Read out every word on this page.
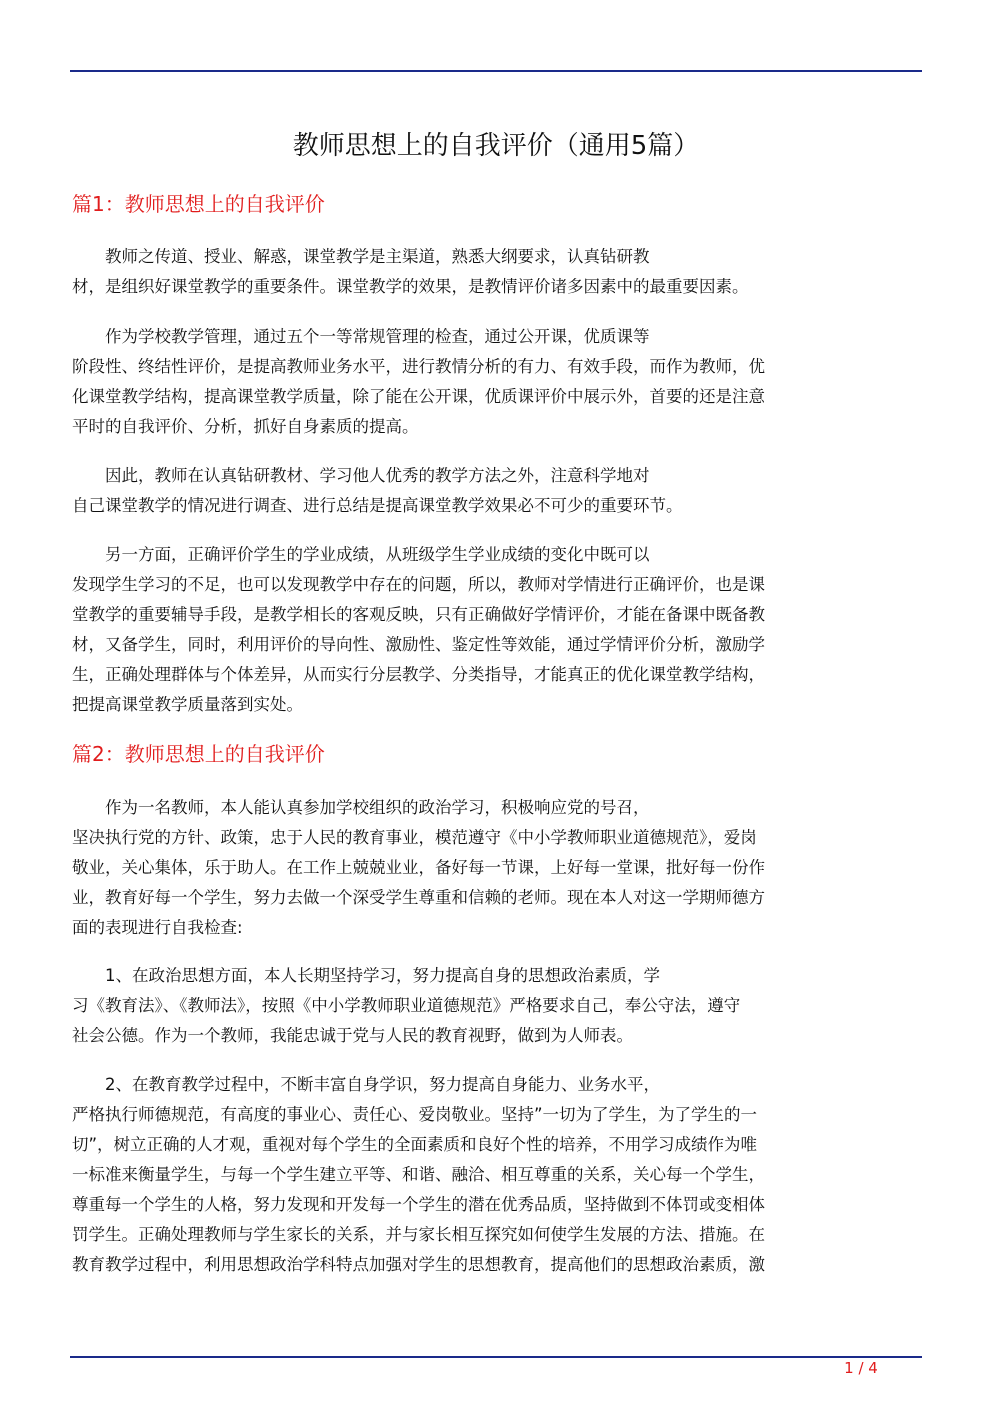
教师思想上的自我评价（通用5篇）
篇1：教师思想上的自我评价

　　教师之传道、授业、解惑，课堂教学是主渠道，熟悉大纲要求，认真钻研教
材，是组织好课堂教学的重要条件。课堂教学的效果，是教情评价诸多因素中的最重要因素。

　　作为学校教学管理，通过五个一等常规管理的检查，通过公开课，优质课等
阶段性、终结性评价，是提高教师业务水平，进行教情分析的有力、有效手段，而作为教师，优
化课堂教学结构，提高课堂教学质量，除了能在公开课，优质课评价中展示外，首要的还是注意
平时的自我评价、分析，抓好自身素质的提高。

　　因此，教师在认真钻研教材、学习他人优秀的教学方法之外，注意科学地对
自己课堂教学的情况进行调查、进行总结是提高课堂教学效果必不可少的重要环节。

　　另一方面，正确评价学生的学业成绩，从班级学生学业成绩的变化中既可以
发现学生学习的不足，也可以发现教学中存在的问题，所以，教师对学情进行正确评价，也是课
堂教学的重要辅导手段，是教学相长的客观反映，只有正确做好学情评价，才能在备课中既备教
材，又备学生，同时，利用评价的导向性、激励性、鉴定性等效能，通过学情评价分析，激励学
生，正确处理群体与个体差异，从而实行分层教学、分类指导，才能真正的优化课堂教学结构，
把提高课堂教学质量落到实处。

篇2：教师思想上的自我评价

　　作为一名教师，本人能认真参加学校组织的政治学习，积极响应党的号召，
坚决执行党的方针、政策，忠于人民的教育事业，模范遵守《中小学教师职业道德规范》，爱岗
敬业，关心集体，乐于助人。在工作上兢兢业业，备好每一节课，上好每一堂课，批好每一份作
业，教育好每一个学生，努力去做一个深受学生尊重和信赖的老师。现在本人对这一学期师德方
面的表现进行自我检查:

　　1、在政治思想方面，本人长期坚持学习，努力提高自身的思想政治素质，学
习《教育法》、《教师法》，按照《中小学教师职业道德规范》严格要求自己，奉公守法，遵守
社会公德。作为一个教师，我能忠诚于党与人民的教育视野，做到为人师表。

　　2、在教育教学过程中，不断丰富自身学识，努力提高自身能力、业务水平，
严格执行师德规范，有高度的事业心、责任心、爱岗敬业。坚持”一切为了学生，为了学生的一
切”，树立正确的人才观，重视对每个学生的全面素质和良好个性的培养，不用学习成绩作为唯
一标准来衡量学生，与每一个学生建立平等、和谐、融洽、相互尊重的关系，关心每一个学生，
尊重每一个学生的人格，努力发现和开发每一个学生的潜在优秀品质，坚持做到不体罚或变相体
罚学生。正确处理教师与学生家长的关系，并与家长相互探究如何使学生发展的方法、措施。在
教育教学过程中，利用思想政治学科特点加强对学生的思想教育，提高他们的思想政治素质，激

1 / 4
